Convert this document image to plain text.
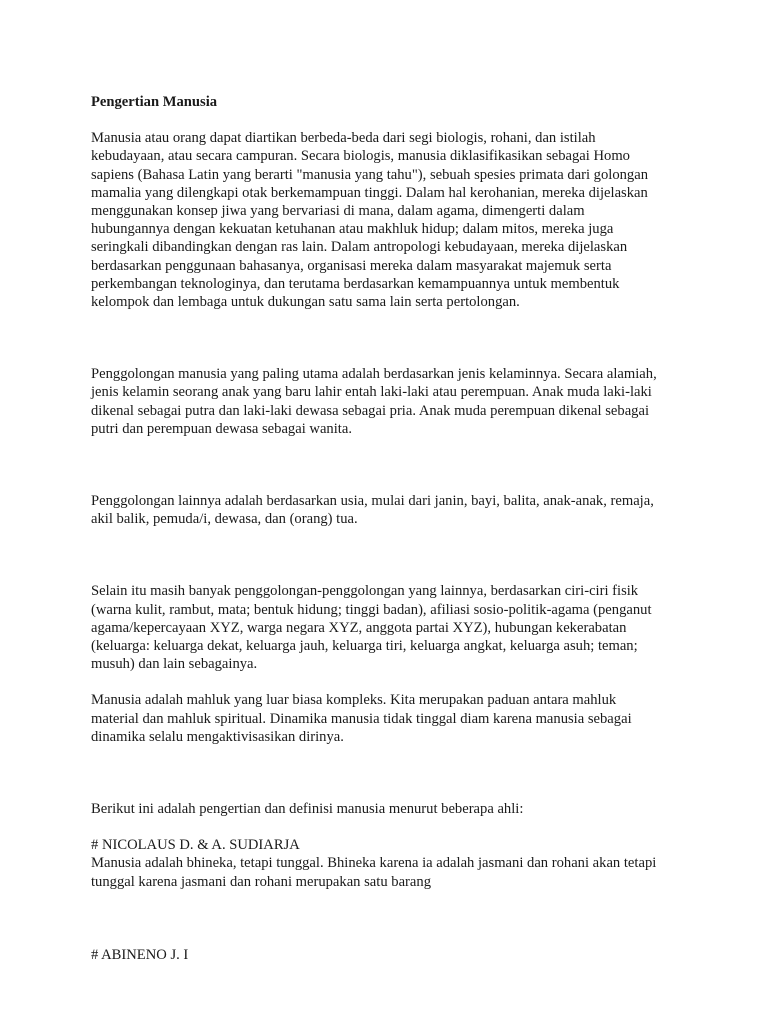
Pengertian Manusia

Manusia atau orang dapat diartikan berbeda-beda dari segi biologis, rohani, dan istilah
kebudayaan, atau secara campuran. Secara biologis, manusia diklasifikasikan sebagai Homo
sapiens (Bahasa Latin yang berarti "manusia yang tahu"), sebuah spesies primata dari golongan
mamalia yang dilengkapi otak berkemampuan tinggi. Dalam hal kerohanian, mereka dijelaskan
menggunakan konsep jiwa yang bervariasi di mana, dalam agama, dimengerti dalam
hubungannya dengan kekuatan ketuhanan atau makhluk hidup; dalam mitos, mereka juga
seringkali dibandingkan dengan ras lain. Dalam antropologi kebudayaan, mereka dijelaskan
berdasarkan penggunaan bahasanya, organisasi mereka dalam masyarakat majemuk serta
perkembangan teknologinya, dan terutama berdasarkan kemampuannya untuk membentuk
kelompok dan lembaga untuk dukungan satu sama lain serta pertolongan.

Penggolongan manusia yang paling utama adalah berdasarkan jenis kelaminnya. Secara alamiah,
jenis kelamin seorang anak yang baru lahir entah laki-laki atau perempuan. Anak muda laki-laki
dikenal sebagai putra dan laki-laki dewasa sebagai pria. Anak muda perempuan dikenal sebagai
putri dan perempuan dewasa sebagai wanita.

Penggolongan lainnya adalah berdasarkan usia, mulai dari janin, bayi, balita, anak-anak, remaja,
akil balik, pemuda/i, dewasa, dan (orang) tua.

Selain itu masih banyak penggolongan-penggolongan yang lainnya, berdasarkan ciri-ciri fisik
(warna kulit, rambut, mata; bentuk hidung; tinggi badan), afiliasi sosio-politik-agama (penganut
agama/kepercayaan XYZ, warga negara XYZ, anggota partai XYZ), hubungan kekerabatan
(keluarga: keluarga dekat, keluarga jauh, keluarga tiri, keluarga angkat, keluarga asuh; teman;
musuh) dan lain sebagainya.

Manusia adalah mahluk yang luar biasa kompleks. Kita merupakan paduan antara mahluk
material dan mahluk spiritual. Dinamika manusia tidak tinggal diam karena manusia sebagai
dinamika selalu mengaktivisasikan dirinya.

Berikut ini adalah pengertian dan definisi manusia menurut beberapa ahli:

# NICOLAUS D. & A. SUDIARJA

Manusia adalah bhineka, tetapi tunggal. Bhineka karena ia adalah jasmani dan rohani akan tetapi
tunggal karena jasmani dan rohani merupakan satu barang

# ABINENO J. I
